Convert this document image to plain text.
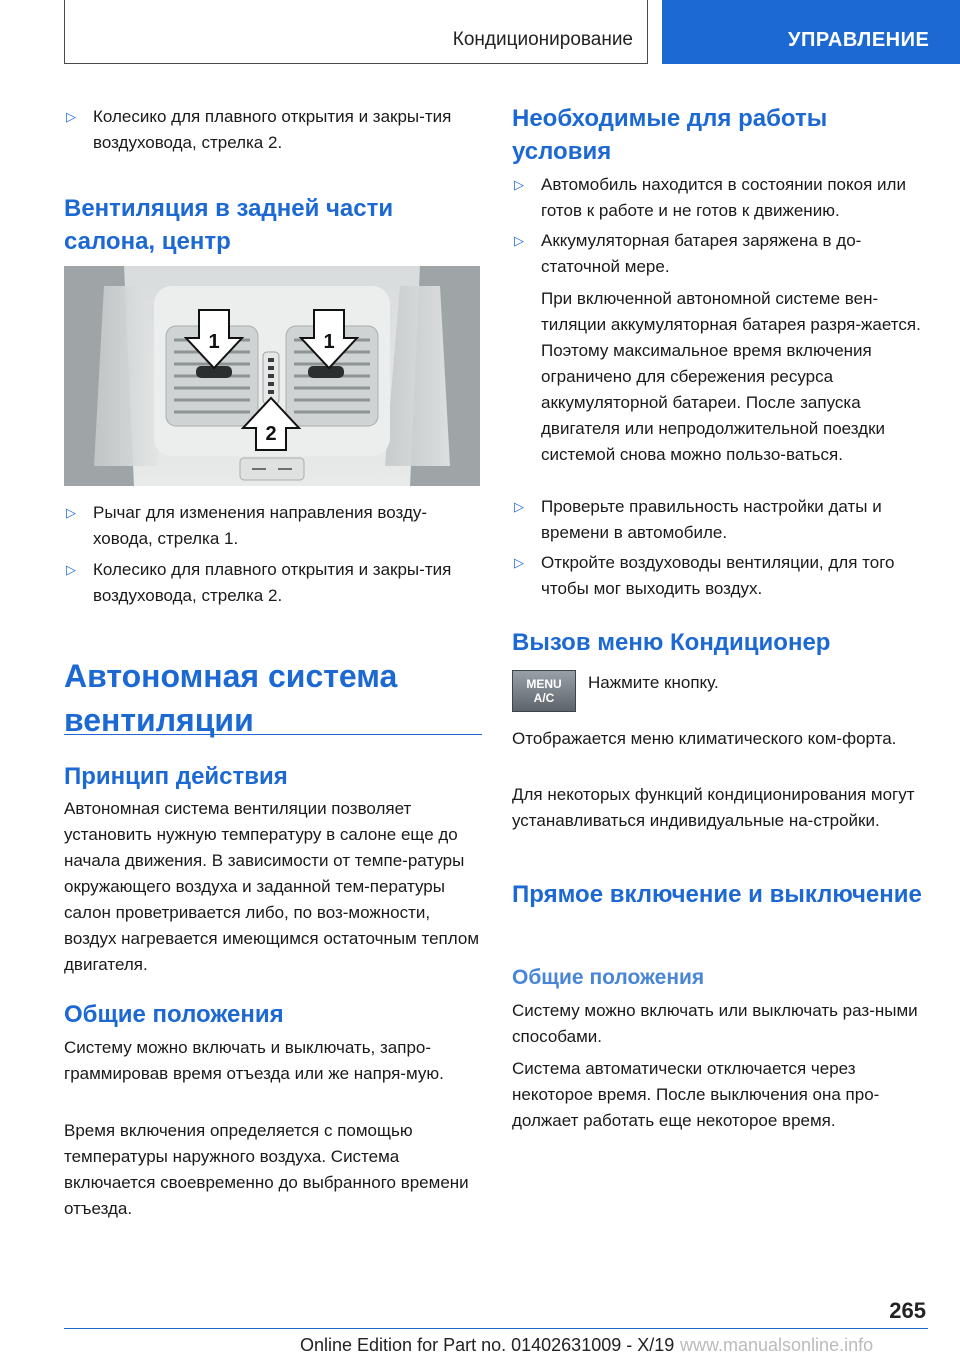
Кондиционирование	УПРАВЛЕНИЕ
▷ Колесико для плавного открытия и закры-тия воздуховода, стрелка 2.
Вентиляция в задней части салона, центр
1	1
2
▷ Рычаг для изменения направления возду-ховода, стрелка 1.
▷ Колесико для плавного открытия и закры-тия воздуховода, стрелка 2.
Автономная система вентиляции
Принцип действия
Автономная система вентиляции позволяет установить нужную температуру в салоне еще до начала движения. В зависимости от темпе-ратуры окружающего воздуха и заданной тем-пературы салон проветривается либо, по воз-можности, воздух нагревается имеющимся остаточным теплом двигателя.
Общие положения
Систему можно включать и выключать, запро-граммировав время отъезда или же напря-мую.
Время включения определяется с помощью температуры наружного воздуха. Система включается своевременно до выбранного времени отъезда.
Необходимые для работы условия
▷ Автомобиль находится в состоянии покоя или готов к работе и не готов к движению.
▷ Аккумуляторная батарея заряжена в до-статочной мере.
При включенной автономной системе вен-тиляции аккумуляторная батарея разря-жается. Поэтому максимальное время включения ограничено для сбережения ресурса аккумуляторной батареи. После запуска двигателя или непродолжительной поездки системой снова можно пользо-ваться.
▷ Проверьте правильность настройки даты и времени в автомобиле.
▷ Откройте воздуховоды вентиляции, для того чтобы мог выходить воздух.
Вызов меню Кондиционер
MENU
A/C
Нажмите кнопку.
Отображается меню климатического ком-форта.
Для некоторых функций кондиционирования могут устанавливаться индивидуальные на-стройки.
Прямое включение и выключение
Общие положения
Систему можно включать или выключать раз-ными способами.
Система автоматически отключается через некоторое время. После выключения она про-должает работать еще некоторое время.
265
Online Edition for Part no. 01402631009 - X/19 www.manualsonline.info
